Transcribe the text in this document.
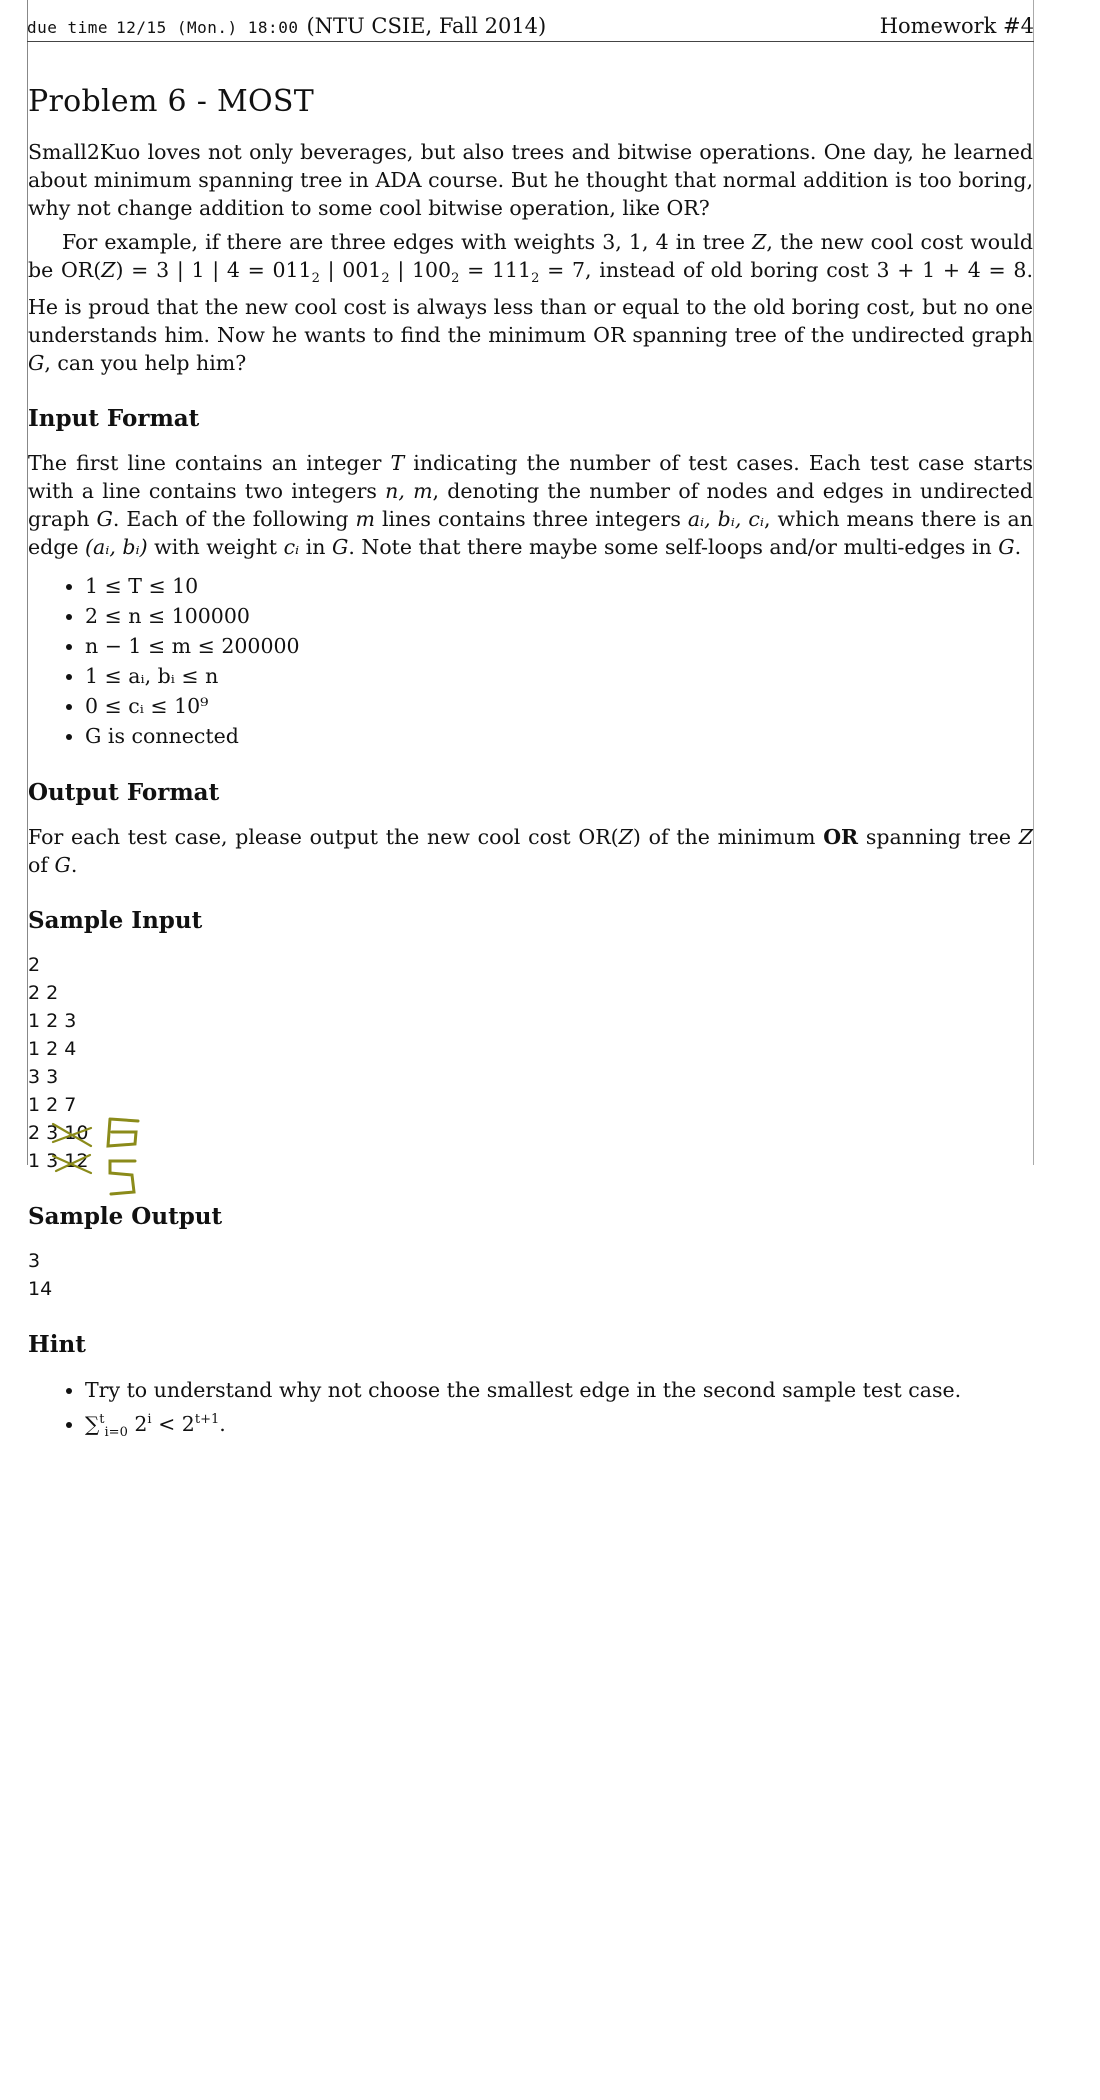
due time 12/15 (Mon.) 18:00 (NTU CSIE, Fall 2014)	Homework #4
Problem 6 - MOST

Small2Kuo loves not only beverages, but also trees and bitwise operations. One day, he learned about minimum spanning tree in ADA course. But he thought that normal addition is too boring, why not change addition to some cool bitwise operation, like OR?

For example, if there are three edges with weights 3, 1, 4 in tree Z, the new cool cost would be OR(Z) = 3 | 1 | $4 = 011_2$ | $001_2$ | $100_2 = 111_2 = 7$, instead of old boring cost 3 + 1 + 4 = 8. He is proud that the new cool cost is always less than or equal to the old boring cost, but no one understands him. Now he wants to find the minimum OR spanning tree of the undirected graph G, can you help him?

Input Format

The first line contains an integer T indicating the number of test cases. Each test case starts with a line contains two integers n, m, denoting the number of nodes and edges in undirected graph G. Each of the following m lines contains three integers aᵢ, bᵢ, cᵢ, which means there is an edge (aᵢ, bᵢ) with weight cᵢ in G. Note that there maybe some self-loops and/or multi-edges in G.

• 1 ≤ T ≤ 10
• 2 ≤ n ≤ 100000
• n − 1 ≤ m ≤ 200000
• 1 ≤ aᵢ, bᵢ ≤ n
• 0 ≤ cᵢ ≤ 10⁹
• G is connected
Output Format

For each test case, please output the new cool cost OR(Z) of the minimum OR spanning tree Z of G.

Sample Input
2
2 2
1 2 3
1 2 4
3 3
1 2 7
2 3 10
1 3 12
Sample Output
3
14
Hint
• Try to understand why not choose the smallest edge in the second sample test case.
• ∑$^t_{i=0}$ $2^i < 2^{t+1}$.
